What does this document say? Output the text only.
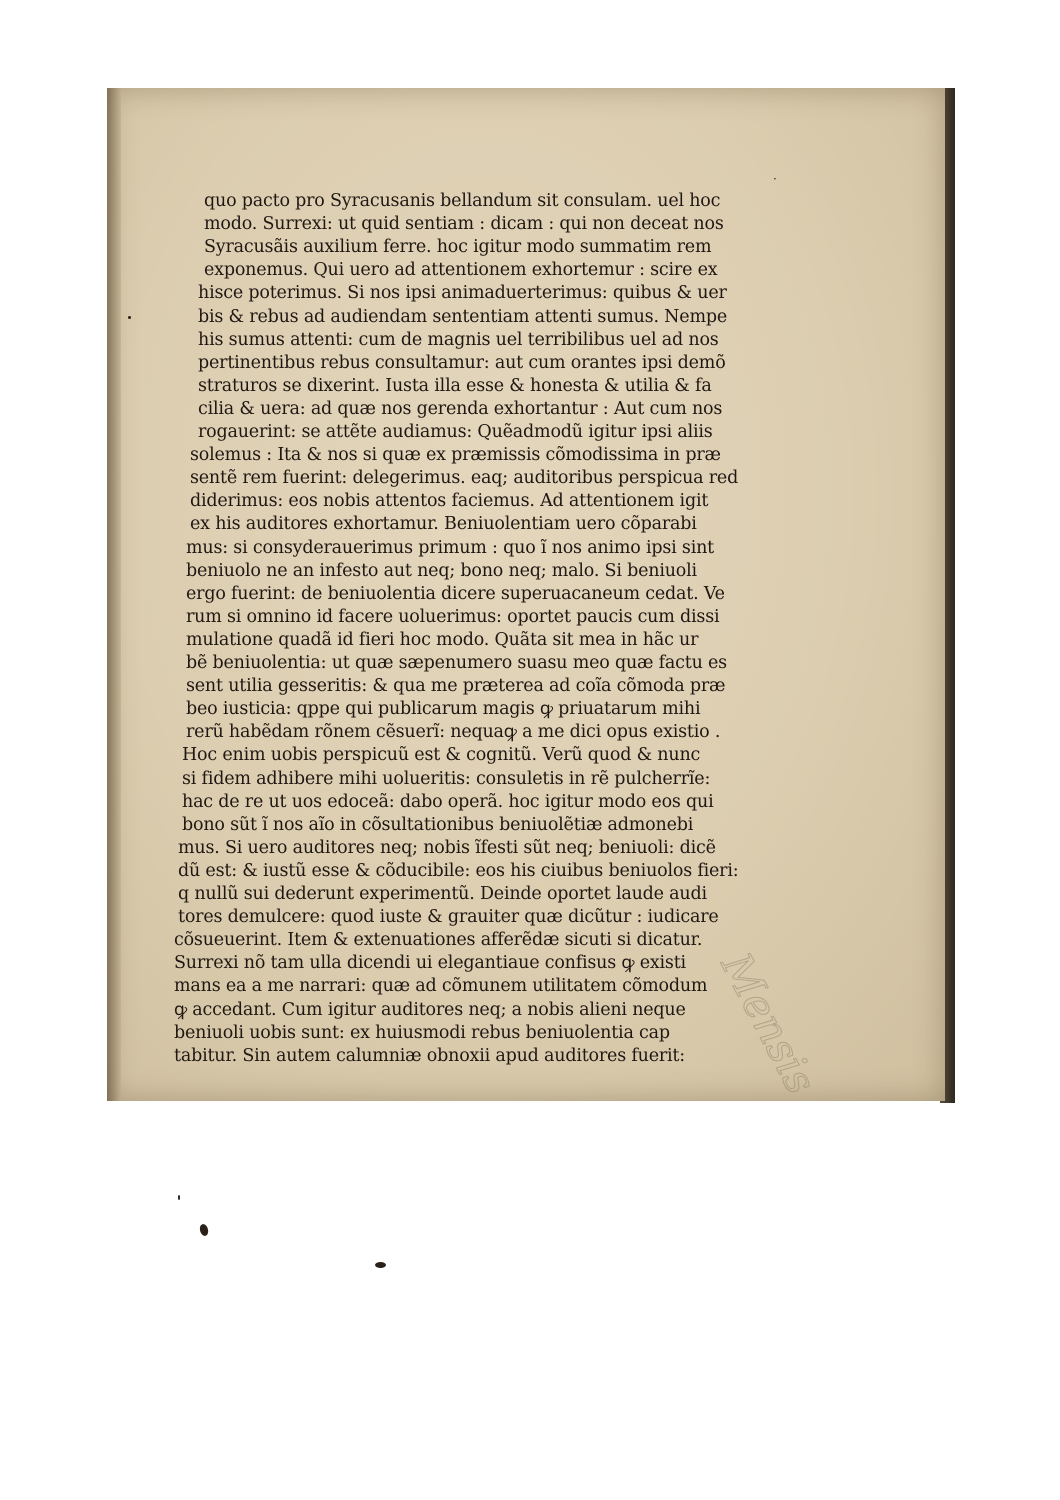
quo pacto pro Syracusanis bellandum sit consulam. uel hoc
modo. Surrexi: ut quid sentiam : dicam : qui non deceat nos
Syracusãis auxilium ferre. hoc igitur modo summatim rem
exponemus. Qui uero ad attentionem exhortemur : scire ex
hisce poterimus. Si nos ipsi animaduerterimus: quibus & uer
bis & rebus ad audiendam sententiam attenti sumus. Nempe
his sumus attenti: cum de magnis uel terribilibus uel ad nos
pertinentibus rebus consultamur: aut cum orantes ipsi demõ
straturos se dixerint. Iusta illa esse & honesta & utilia & fa
cilia & uera: ad quæ nos gerenda exhortantur : Aut cum nos
rogauerint: se attẽte audiamus: Quẽadmodũ igitur ipsi aliis
solemus : Ita & nos si quæ ex præmissis cõmodissima in præ
sentẽ rem fuerint: delegerimus. eaq; auditoribus perspicua red
diderimus: eos nobis attentos faciemus. Ad attentionem igit
ex his auditores exhortamur. Beniuolentiam uero cõparabi
mus: si consyderauerimus primum : quo ĩ nos animo ipsi sint
beniuolo ne an infesto aut neq; bono neq; malo. Si beniuoli
ergo fuerint: de beniuolentia dicere superuacaneum cedat. Ve
rum si omnino id facere uoluerimus: oportet paucis cum dissi
mulatione quadã id fieri hoc modo. Quãta sit mea in hãc ur
bẽ beniuolentia: ut quæ sæpenumero suasu meo quæ factu es
sent utilia gesseritis: & qua me præterea ad coĩa cõmoda præ
beo iusticia: qppe qui publicarum magis ꝙ priuatarum mihi
rerũ habẽdam rõnem cẽsuerĩ: nequaꝙ a me dici opus existio .
Hoc enim uobis perspicuũ est & cognitũ. Verũ quod & nunc
si fidem adhibere mihi uolueritis: consuletis in rẽ pulcherrĩe:
hac de re ut uos edoceã: dabo operã. hoc igitur modo eos qui
bono sũt ĩ nos aĩo in cõsultationibus beniuolẽtiæ admonebi
mus. Si uero auditores neq; nobis ĩfesti sũt neq; beniuoli: dicẽ
dũ est: & iustũ esse & cõducibile: eos his ciuibus beniuolos fieri:
q nullũ sui dederunt experimentũ. Deinde oportet laude audi
tores demulcere: quod iuste & grauiter quæ dicũtur : iudicare
cõsueuerint. Item & extenuationes afferẽdæ sicuti si dicatur.
Surrexi nõ tam ulla dicendi ui elegantiaue confisus ꝙ existi
mans ea a me narrari: quæ ad cõmunem utilitatem cõmodum
ꝙ accedant. Cum igitur auditores neq; a nobis alieni neque
beniuoli uobis sunt: ex huiusmodi rebus beniuolentia cap
tabitur. Sin autem calumniæ obnoxii apud auditores fuerit: Mensis
·
